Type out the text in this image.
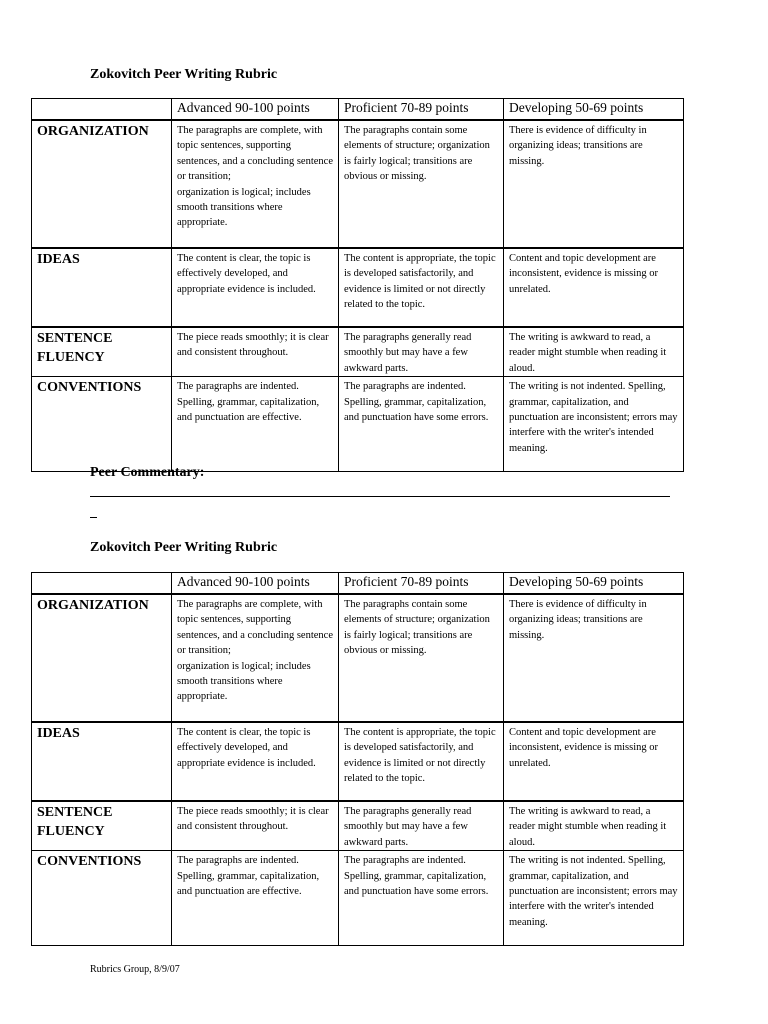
Zokovitch Peer Writing Rubric
	Advanced 90-100 points	Proficient 70-89 points	Developing 50-69 points
ORGANIZATION	The paragraphs are complete, with topic sentences, supporting sentences, and a concluding sentence or transition;
organization is logical; includes smooth transitions where appropriate.	The paragraphs contain some elements of structure; organization is fairly logical; transitions are obvious or missing.	There is evidence of difficulty in organizing ideas; transitions are missing.
IDEAS	The content is clear, the topic is effectively developed, and appropriate evidence is included.	The content is appropriate, the topic is developed satisfactorily, and evidence is limited or not directly related to the topic.	Content and topic development are inconsistent, evidence is missing or unrelated.
SENTENCE FLUENCY	The piece reads smoothly; it is clear and consistent throughout.	The paragraphs generally read smoothly but may have a few awkward parts.	The writing is awkward to read, a reader might stumble when reading it aloud.
CONVENTIONS	The paragraphs are indented. Spelling, grammar, capitalization, and punctuation are effective.	The paragraphs are indented. Spelling, grammar, capitalization, and punctuation have some errors.	The writing is not indented. Spelling, grammar, capitalization, and punctuation are inconsistent; errors may interfere with the writer's intended meaning.
Peer Commentary:
Zokovitch Peer Writing Rubric
	Advanced 90-100 points	Proficient 70-89 points	Developing 50-69 points
ORGANIZATION	The paragraphs are complete, with topic sentences, supporting sentences, and a concluding sentence or transition;
organization is logical; includes smooth transitions where appropriate.	The paragraphs contain some elements of structure; organization is fairly logical; transitions are obvious or missing.	There is evidence of difficulty in organizing ideas; transitions are missing.
IDEAS	The content is clear, the topic is effectively developed, and appropriate evidence is included.	The content is appropriate, the topic is developed satisfactorily, and evidence is limited or not directly related to the topic.	Content and topic development are inconsistent, evidence is missing or unrelated.
SENTENCE FLUENCY	The piece reads smoothly; it is clear and consistent throughout.	The paragraphs generally read smoothly but may have a few awkward parts.	The writing is awkward to read, a reader might stumble when reading it aloud.
CONVENTIONS	The paragraphs are indented. Spelling, grammar, capitalization, and punctuation are effective.	The paragraphs are indented. Spelling, grammar, capitalization, and punctuation have some errors.	The writing is not indented. Spelling, grammar, capitalization, and punctuation are inconsistent; errors may interfere with the writer's intended meaning.
Rubrics Group, 8/9/07
